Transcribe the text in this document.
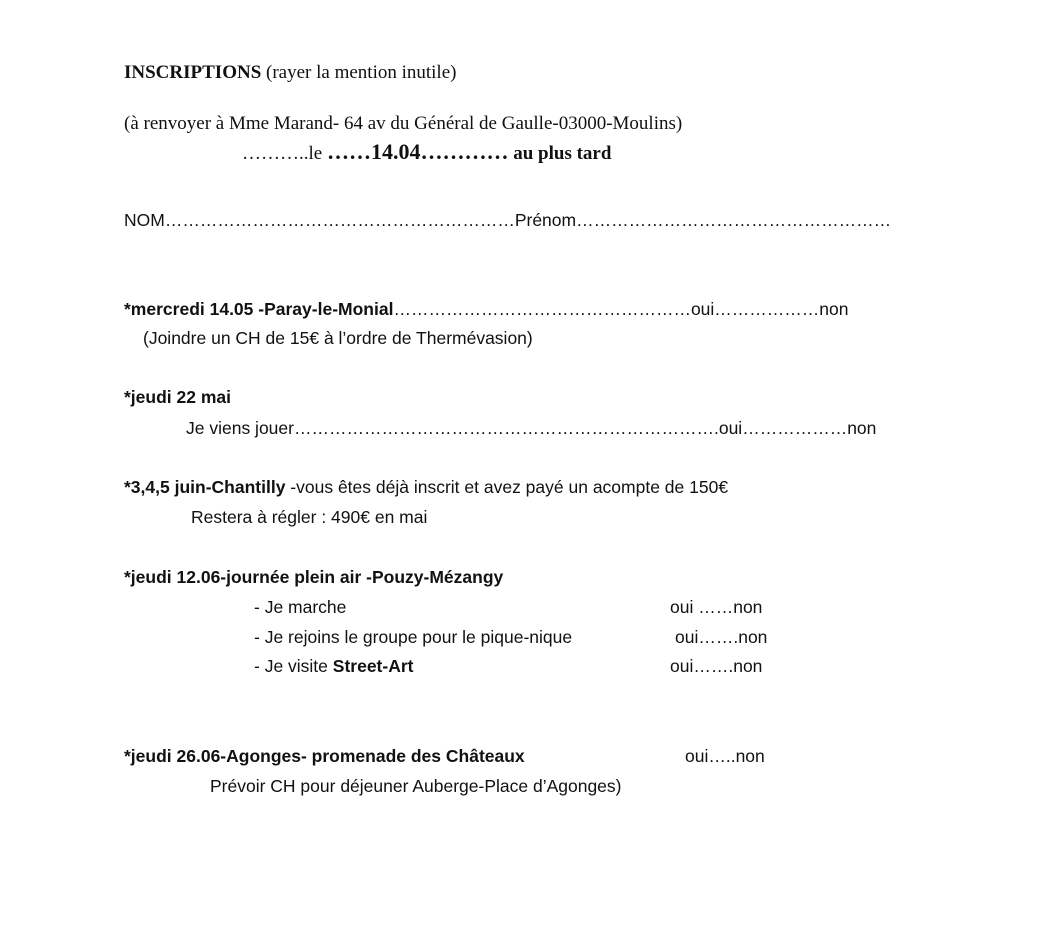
INSCRIPTIONS (rayer la mention inutile)
(à renvoyer à Mme Marand- 64 av du Général de Gaulle-03000-Moulins)
………..le ……14.04………… au plus tard
NOM……………………………………………………Prénom………………………………………………
*mercredi 14.05 -Paray-le-Monial……………………………………………oui………………non
(Joindre un CH de 15€ à l’ordre de Thermévasion)
*jeudi 22 mai
Je viens jouer……………………………………………………………….oui………………non
*3,4,5 juin-Chantilly -vous êtes déjà inscrit et avez payé un acompte de 150€
Restera à régler : 490€ en mai
*jeudi 12.06-journée plein air -Pouzy-Mézangy
- Je marche	oui ……non
- Je rejoins le groupe pour le pique-nique	oui…….non
- Je visite Street-Art	oui…….non
*jeudi 26.06-Agonges- promenade des Châteaux	oui…..non
Prévoir CH pour déjeuner Auberge-Place d’Agonges)
